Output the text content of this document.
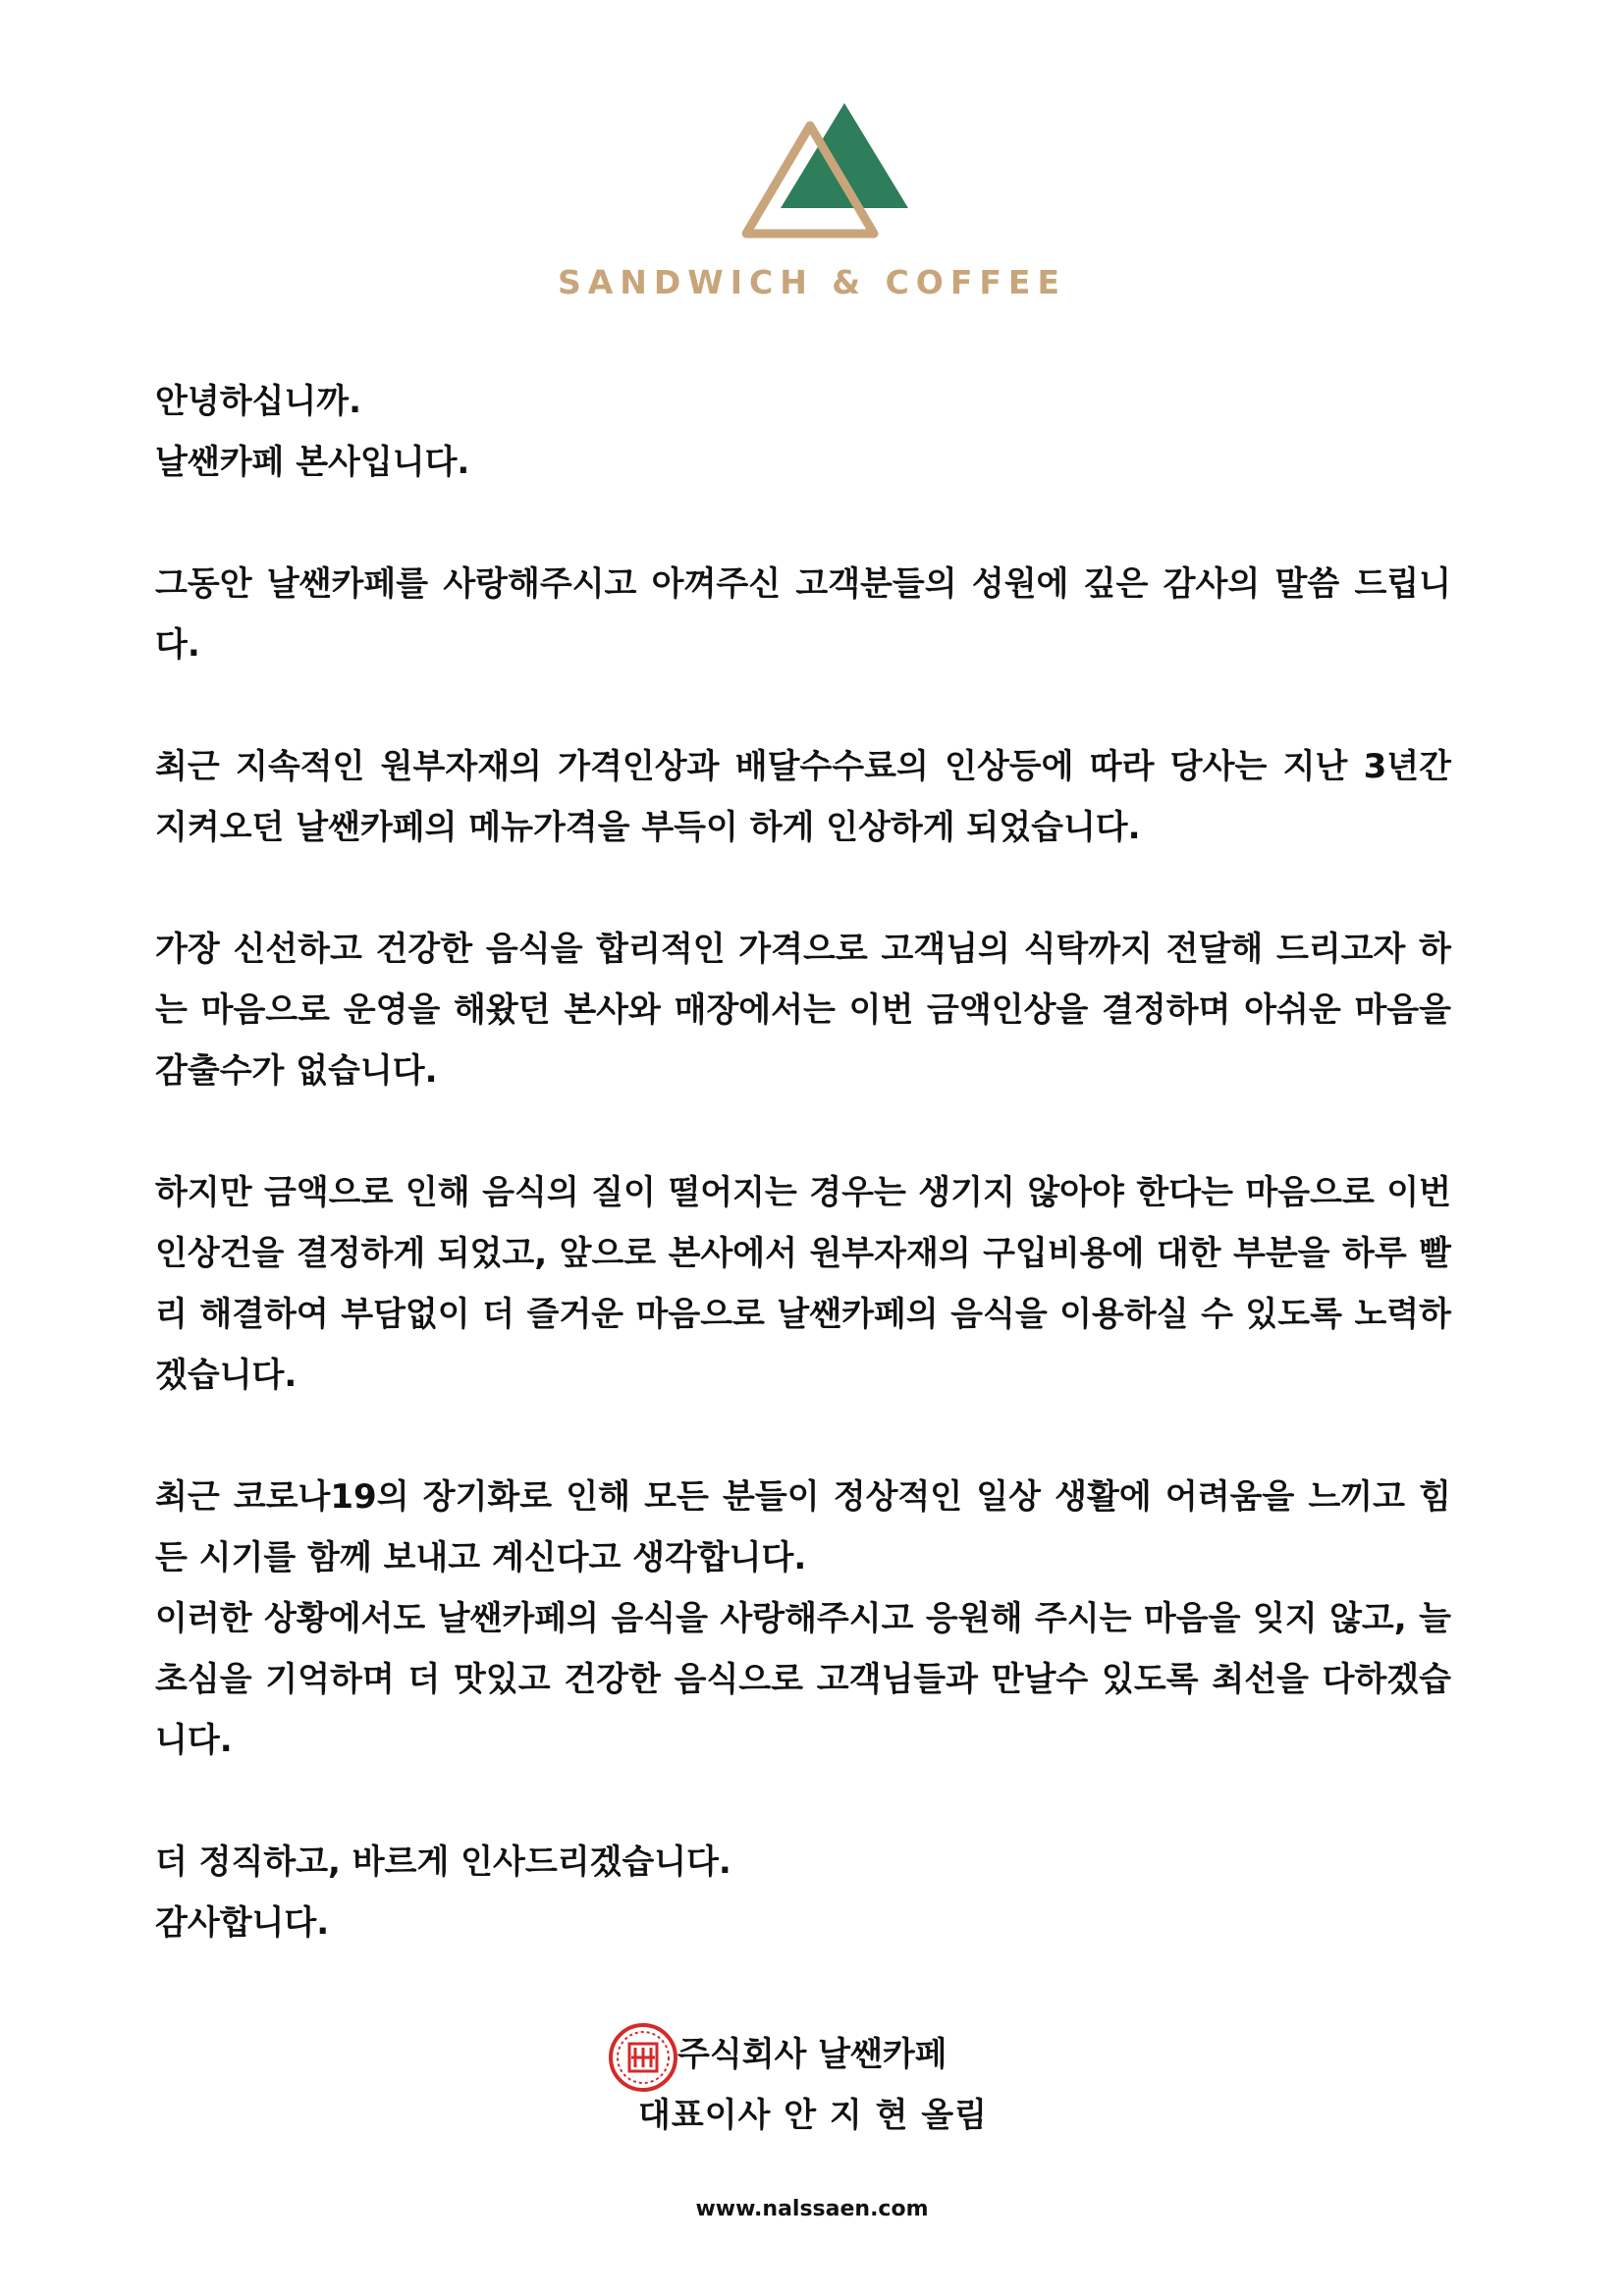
SANDWICH & COFFEE

안녕하십니까.
날쌘카페 본사입니다.

그동안 날쌘카페를 사랑해주시고 아껴주신 고객분들의 성원에 깊은 감사의 말씀 드립니다.

최근 지속적인 원부자재의 가격인상과 배달수수료의 인상등에 따라 당사는 지난 3년간 지켜오던 날쌘카페의 메뉴가격을 부득이 하게 인상하게 되었습니다.

가장 신선하고 건강한 음식을 합리적인 가격으로 고객님의 식탁까지 전달해 드리고자 하는 마음으로 운영을 해왔던 본사와 매장에서는 이번 금액인상을 결정하며 아쉬운 마음을 감출수가 없습니다.

하지만 금액으로 인해 음식의 질이 떨어지는 경우는 생기지 않아야 한다는 마음으로 이번 인상건을 결정하게 되었고, 앞으로 본사에서 원부자재의 구입비용에 대한 부분을 하루 빨리 해결하여 부담없이 더 즐거운 마음으로 날쌘카페의 음식을 이용하실 수 있도록 노력하겠습니다.

최근 코로나19의 장기화로 인해 모든 분들이 정상적인 일상 생활에 어려움을 느끼고 힘든 시기를 함께 보내고 계신다고 생각합니다.
이러한 상황에서도 날쌘카페의 음식을 사랑해주시고 응원해 주시는 마음을 잊지 않고, 늘 초심을 기억하며 더 맛있고 건강한 음식으로 고객님들과 만날수 있도록 최선을 다하겠습니다.

더 정직하고, 바르게 인사드리겠습니다.
감사합니다.

주식회사 날쌘카페
대표이사 안 지 현 올림
www.nalssaen.com
